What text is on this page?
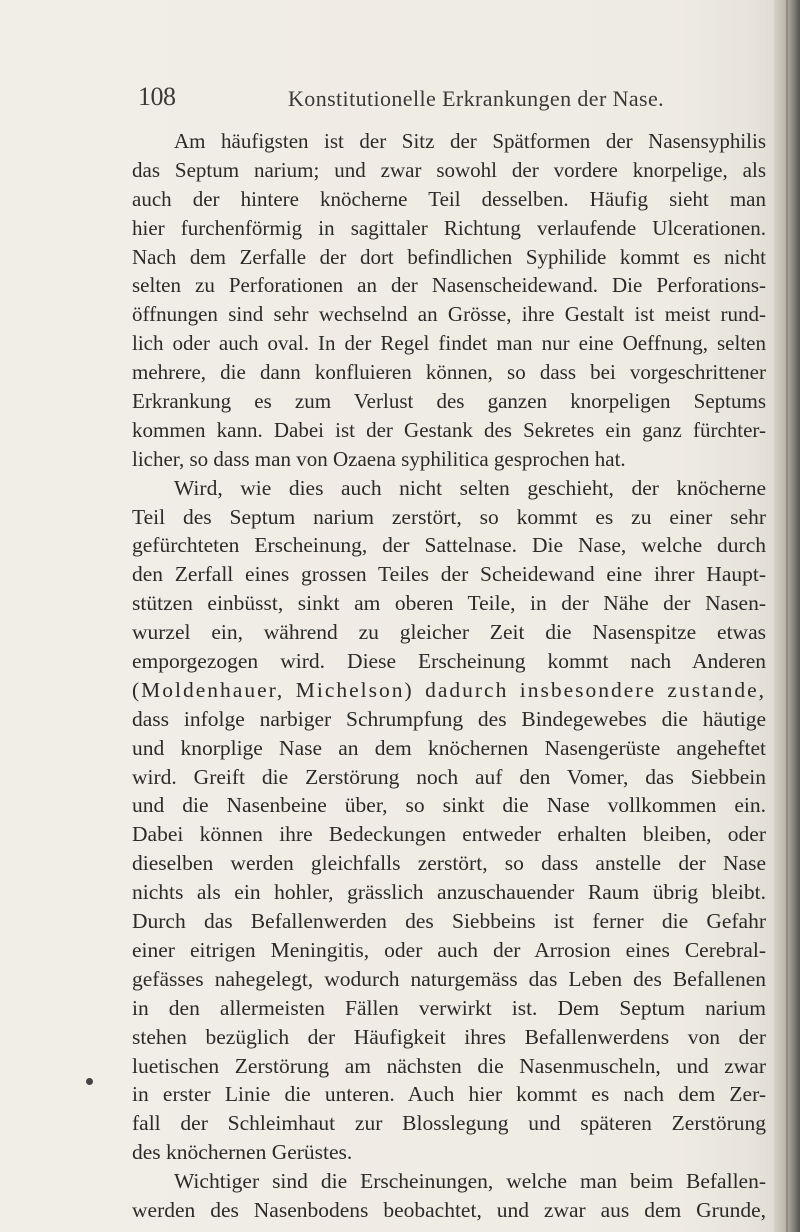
108	Konstitutionelle Erkrankungen der Nase.
Am häufigsten ist der Sitz der Spätformen der Nasensyphilis
das Septum narium; und zwar sowohl der vordere knorpelige, als
auch der hintere knöcherne Teil desselben. Häufig sieht man
hier furchenförmig in sagittaler Richtung verlaufende Ulcerationen.
Nach dem Zerfalle der dort befindlichen Syphilide kommt es nicht
selten zu Perforationen an der Nasenscheidewand. Die Perforations-
öffnungen sind sehr wechselnd an Grösse, ihre Gestalt ist meist rund-
lich oder auch oval. In der Regel findet man nur eine Oeffnung, selten
mehrere, die dann konfluieren können, so dass bei vorgeschrittener
Erkrankung es zum Verlust des ganzen knorpeligen Septums
kommen kann. Dabei ist der Gestank des Sekretes ein ganz fürchter-
licher, so dass man von Ozaena syphilitica gesprochen hat.
Wird, wie dies auch nicht selten geschieht, der knöcherne
Teil des Septum narium zerstört, so kommt es zu einer sehr
gefürchteten Erscheinung, der Sattelnase. Die Nase, welche durch
den Zerfall eines grossen Teiles der Scheidewand eine ihrer Haupt-
stützen einbüsst, sinkt am oberen Teile, in der Nähe der Nasen-
wurzel ein, während zu gleicher Zeit die Nasenspitze etwas
emporgezogen wird. Diese Erscheinung kommt nach Anderen
(Moldenhauer, Michelson) dadurch insbesondere zustande,
dass infolge narbiger Schrumpfung des Bindegewebes die häutige
und knorplige Nase an dem knöchernen Nasengerüste angeheftet
wird. Greift die Zerstörung noch auf den Vomer, das Siebbein
und die Nasenbeine über, so sinkt die Nase vollkommen ein.
Dabei können ihre Bedeckungen entweder erhalten bleiben, oder
dieselben werden gleichfalls zerstört, so dass anstelle der Nase
nichts als ein hohler, grässlich anzuschauender Raum übrig bleibt.
Durch das Befallenwerden des Siebbeins ist ferner die Gefahr
einer eitrigen Meningitis, oder auch der Arrosion eines Cerebral-
gefässes nahegelegt, wodurch naturgemäss das Leben des Befallenen
in den allermeisten Fällen verwirkt ist. Dem Septum narium
stehen bezüglich der Häufigkeit ihres Befallenwerdens von der
luetischen Zerstörung am nächsten die Nasenmuscheln, und zwar
in erster Linie die unteren. Auch hier kommt es nach dem Zer-
fall der Schleimhaut zur Blosslegung und späteren Zerstörung
des knöchernen Gerüstes.
Wichtiger sind die Erscheinungen, welche man beim Befallen-
werden des Nasenbodens beobachtet, und zwar aus dem Grunde,
